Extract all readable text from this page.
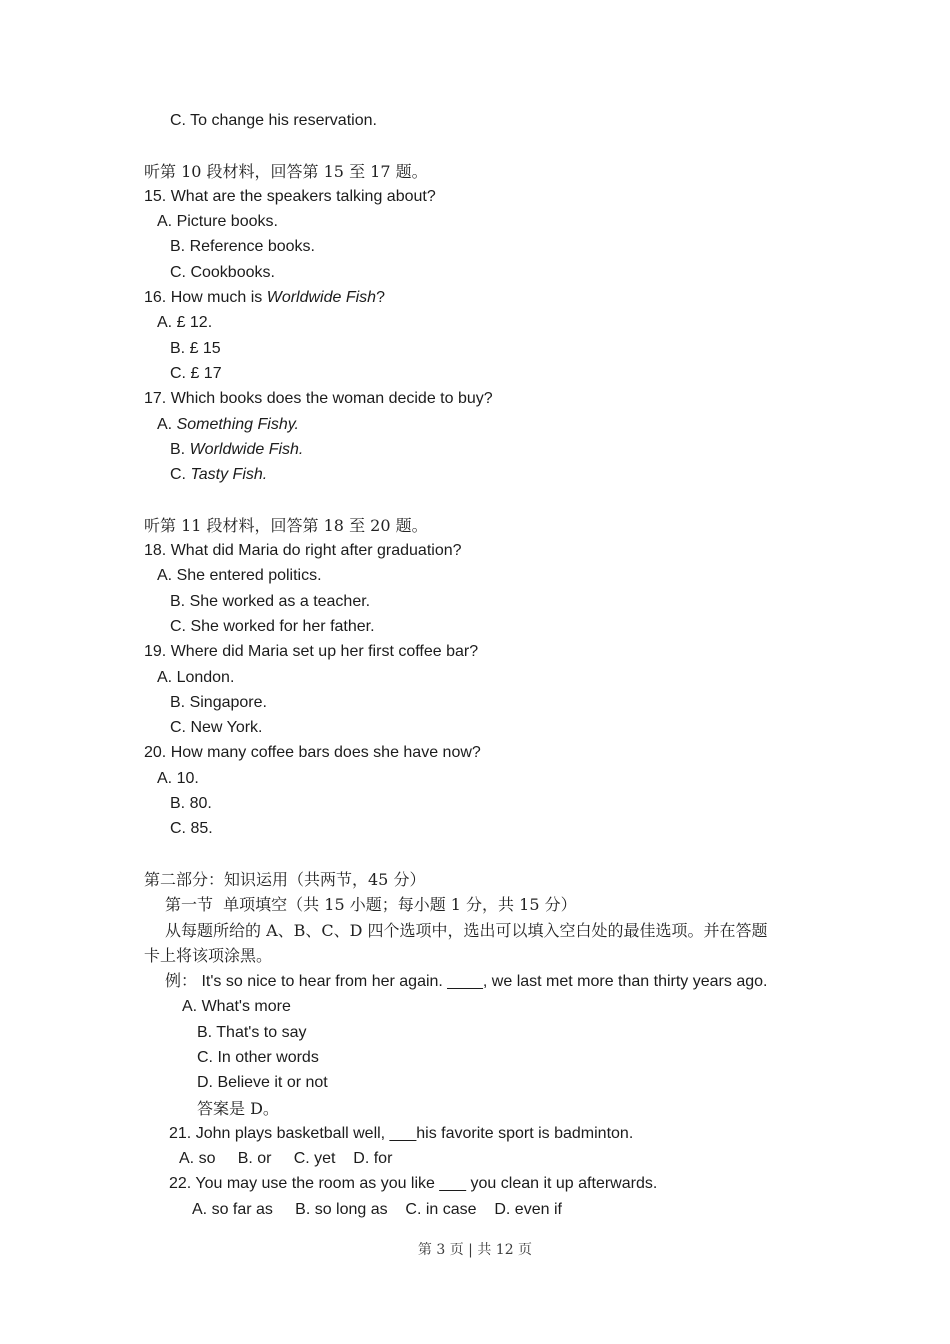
C. To change his reservation.
听第 10 段材料，回答第 15 至 17 题。
15. What are the speakers talking about?
A. Picture books.
B. Reference books.
C. Cookbooks.
16. How much is Worldwide Fish?
A. £ 12.
B. £ 15
C. £ 17
17. Which books does the woman decide to buy?
A. Something Fishy.
B. Worldwide Fish.
C. Tasty Fish.
听第 11 段材料，回答第 18 至 20 题。
18. What did Maria do right after graduation?
A. She entered politics.
B. She worked as a teacher.
C. She worked for her father.
19. Where did Maria set up her first coffee bar?
A. London.
B. Singapore.
C. New York.
20. How many coffee bars does she have now?
A. 10.
B. 80.
C. 85.
第二部分：知识运用（共两节，45 分）
第一节  单项填空（共 15 小题；每小题 1 分，共 15 分）
从每题所给的 A、B、C、D 四个选项中，选出可以填入空白处的最佳选项。并在答题
卡上将该项涂黑。
例： It's so nice to hear from her again. ____, we last met more than thirty years ago.
A. What's more
B. That's to say
C. In other words
D. Believe it or not
答案是 D。
21. John plays basketball well, ___his favorite sport is badminton.
A. so     B. or     C. yet    D. for
22. You may use the room as you like ___ you clean it up afterwards.
A. so far as     B. so long as    C. in case    D. even if
第 3 页 | 共 12 页
